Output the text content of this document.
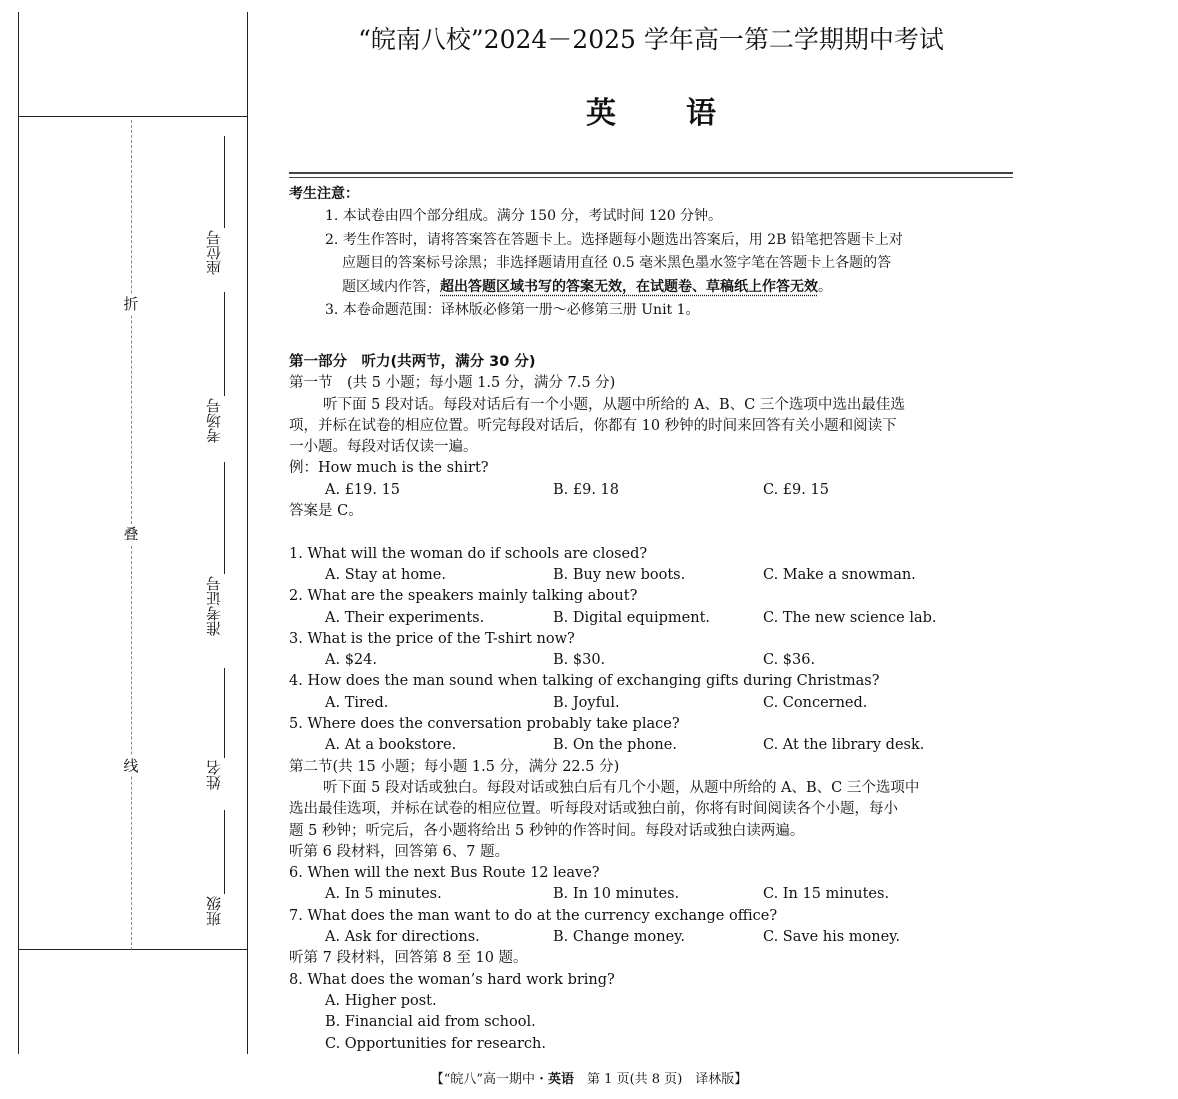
折
叠
线
座位号
考场号
准考证号
姓名
班级
“皖南八校”2024－2025 学年高一第二学期期中考试
英语
考生注意：

1. 本试卷由四个部分组成。满分 150 分，考试时间 120 分钟。

2. 考生作答时，请将答案答在答题卡上。选择题每小题选出答案后，用 2B 铅笔把答题卡上对

应题目的答案标号涂黑；非选择题请用直径 0.5 毫米黑色墨水签字笔在答题卡上各题的答

题区域内作答，超出答题区域书写的答案无效，在试题卷、草稿纸上作答无效。

3. 本卷命题范围：译林版必修第一册～必修第三册 Unit 1。

第一部分　听力(共两节，满分 30 分)

第一节　(共 5 小题；每小题 1.5 分，满分 7.5 分)

听下面 5 段对话。每段对话后有一个小题，从题中所给的 A、B、C 三个选项中选出最佳选

项，并标在试卷的相应位置。听完每段对话后，你都有 10 秒钟的时间来回答有关小题和阅读下

一小题。每段对话仅读一遍。

例：How much is the shirt?

A. £19. 15	B. £9. 18	C. £9. 15

答案是 C。

1. What will the woman do if schools are closed?

A. Stay at home.	B. Buy new boots.	C. Make a snowman.

2. What are the speakers mainly talking about?

A. Their experiments.	B. Digital equipment.	C. The new science lab.

3. What is the price of the T-shirt now?

A. $24.	B. $30.	C. $36.

4. How does the man sound when talking of exchanging gifts during Christmas?

A. Tired.	B. Joyful.	C. Concerned.

5. Where does the conversation probably take place?

A. At a bookstore.	B. On the phone.	C. At the library desk.

第二节(共 15 小题；每小题 1.5 分，满分 22.5 分)

听下面 5 段对话或独白。每段对话或独白后有几个小题，从题中所给的 A、B、C 三个选项中

选出最佳选项，并标在试卷的相应位置。听每段对话或独白前，你将有时间阅读各个小题，每小

题 5 秒钟；听完后，各小题将给出 5 秒钟的作答时间。每段对话或独白读两遍。

听第 6 段材料，回答第 6、7 题。

6. When will the next Bus Route 12 leave?

A. In 5 minutes.	B. In 10 minutes.	C. In 15 minutes.

7. What does the man want to do at the currency exchange office?

A. Ask for directions.	B. Change money.	C. Save his money.

听第 7 段材料，回答第 8 至 10 题。

8. What does the woman’s hard work bring?

A. Higher post.

B. Financial aid from school.

C. Opportunities for research.

【“皖八”高一期中・英语　第 1 页(共 8 页)　译林版】
